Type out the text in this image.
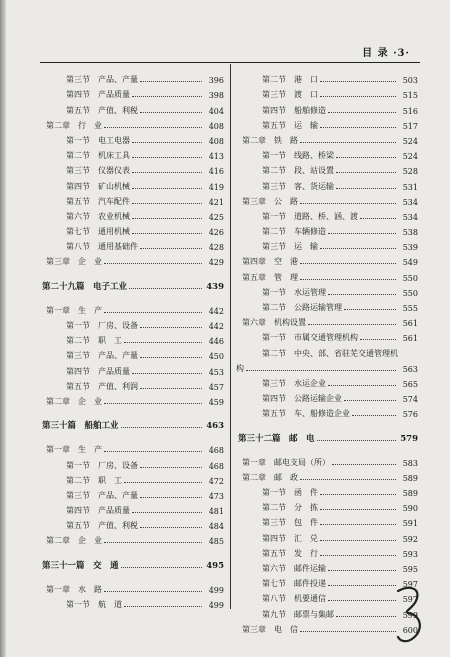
目 录 ·3·
第三节　产品、产量	396
第四节　产品质量	398
第五节　产值、利税	404
第二章　行　业	408
第一节　电工电器	408
第二节　机床工具	413
第三节　仪器仪表	416
第四节　矿山机械	419
第五节　汽车配件	421
第六节　农业机械	425
第七节　通用机械	426
第八节　通用基础件	428
第三章　企　业	429
第二十九篇　电子工业	439
第一章　生　产	442
第一节　厂房、设备	442
第二节　职　工	446
第三节　产品、产量	450
第四节　产品质量	453
第五节　产值、利润	457
第二章　企　业	459
第三十篇　船舶工业	463
第一章　生　产	468
第一节　厂房、设备	468
第二节　职　工	472
第三节　产品、产量	473
第四节　产品质量	481
第五节　产值、利税	484
第二章　企　业	485
第三十一篇　交　通	495
第一章　水　路	499
第一节　航　道	499
第二节　港　口	503
第三节　渡　口	515
第四节　船舶修造	516
第五节　运　输	517
第二章　铁　路	524
第一节　线路、桥梁	524
第二节　段、站设置	528
第三节　客、货运输	531
第三章　公　路	534
第一节　道路、桥、涵、渡	534
第二节　车辆修造	538
第三节　运　输	539
第四章　空　港	549
第五章　管　理	550
第一节　水运管理	550
第二节　公路运输管理	555
第六章　机构设置	561
第一节　市属交通管理机构	561
第二节　中央、部、省驻芜交通管理机
构	563
第三节　水运企业	565
第四节　公路运输企业	574
第五节　车、船修造企业	576
第三十二篇　邮　电	579
第一章　邮电支局（所）	583
第二章　邮　政	589
第一节　函　件	589
第二节　分　拣	590
第三节　包　件	591
第四节　汇　兑	592
第五节　发　行	593
第六节　邮件运输	595
第七节　邮件投递	597
第八节　机要通信	597
第九节　邮票与集邮	599
第三章　电　信	600
